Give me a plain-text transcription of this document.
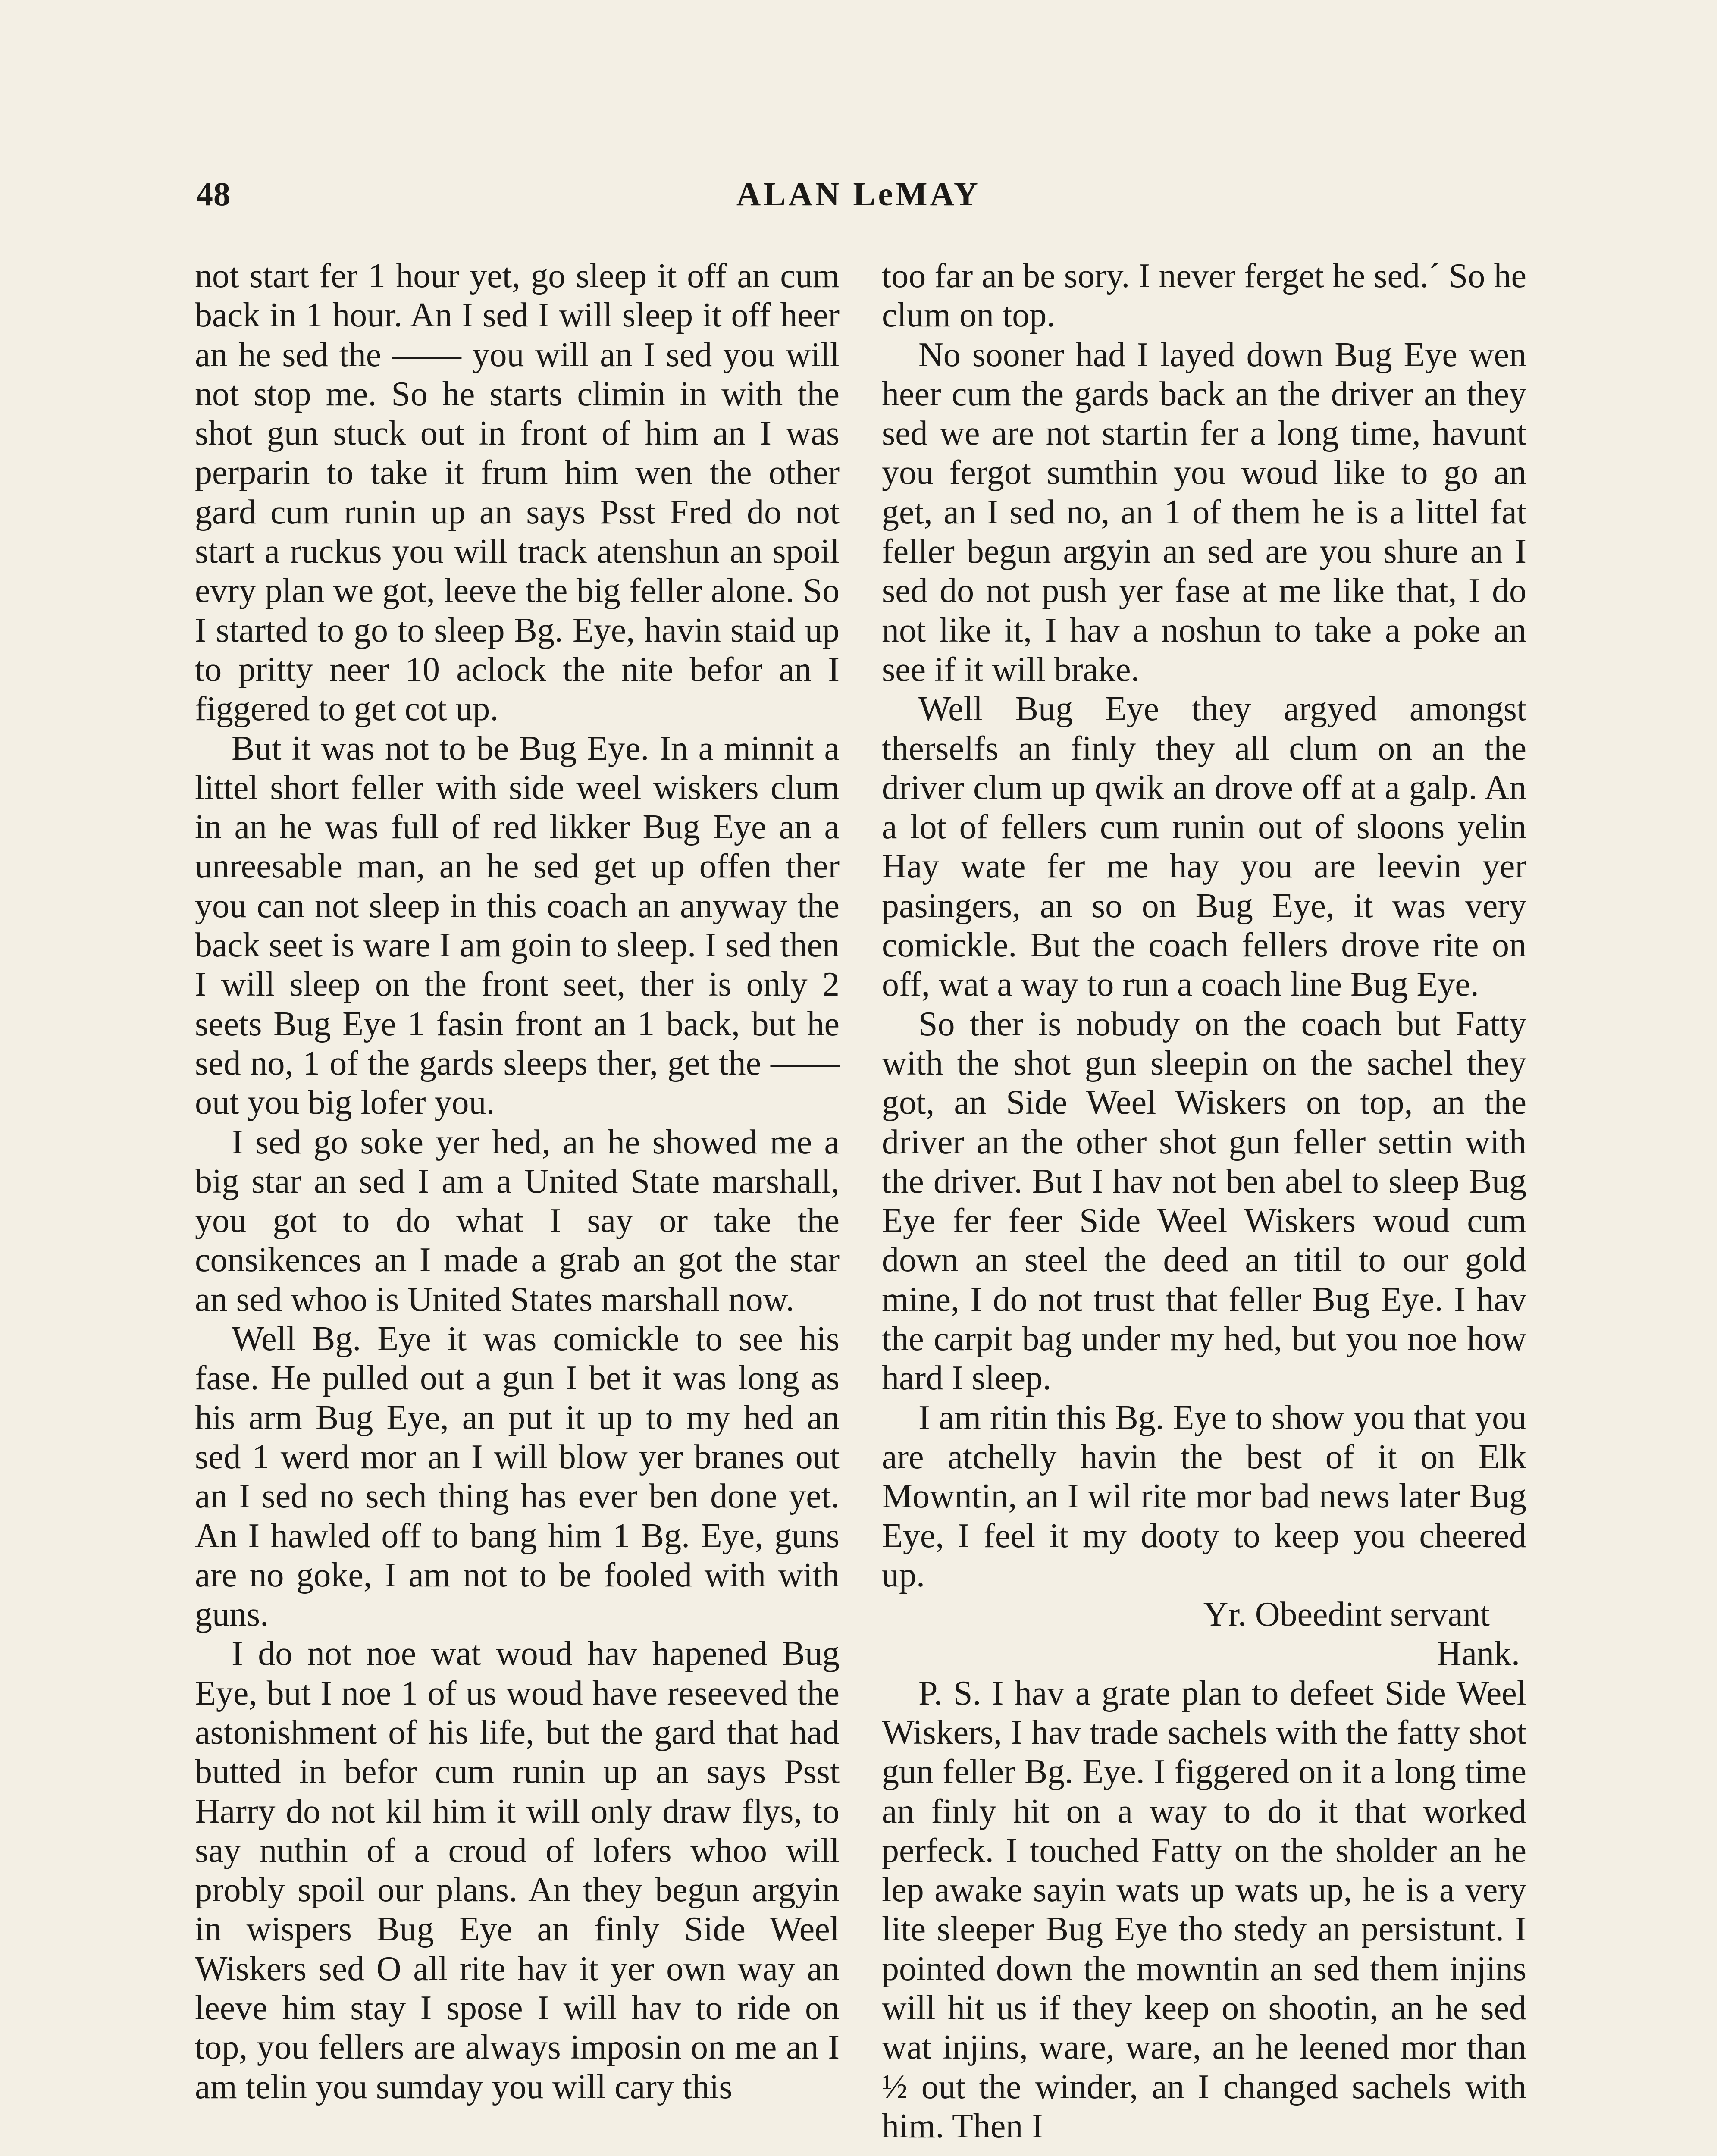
48	ALAN LeMAY

not start fer 1 hour yet, go sleep it off an cum back in 1 hour. An I sed I will sleep it off heer an he sed the —— you will an I sed you will not stop me. So he starts climin in with the shot gun stuck out in front of him an I was perparin to take it frum him wen the other gard cum runin up an says Psst Fred do not start a ruckus you will track atenshun an spoil evry plan we got, leeve the big feller alone. So I started to go to sleep Bg. Eye, havin staid up to pritty neer 10 aclock the nite befor an I figgered to get cot up.

But it was not to be Bug Eye. In a minnit a littel short feller with side weel wiskers clum in an he was full of red likker Bug Eye an a unreesable man, an he sed get up offen ther you can not sleep in this coach an anyway the back seet is ware I am goin to sleep. I sed then I will sleep on the front seet, ther is only 2 seets Bug Eye 1 fasin front an 1 back, but he sed no, 1 of the gards sleeps ther, get the —— out you big lofer you.

I sed go soke yer hed, an he showed me a big star an sed I am a United State marshall, you got to do what I say or take the consikences an I made a grab an got the star an sed whoo is United States marshall now.

Well Bg. Eye it was comickle to see his fase. He pulled out a gun I bet it was long as his arm Bug Eye, an put it up to my hed an sed 1 werd mor an I will blow yer branes out an I sed no sech thing has ever ben done yet. An I hawled off to bang him 1 Bg. Eye, guns are no goke, I am not to be fooled with with guns.

I do not noe wat woud hav hapened Bug Eye, but I noe 1 of us woud have reseeved the astonishment of his life, but the gard that had butted in befor cum runin up an says Psst Harry do not kil him it will only draw flys, to say nuthin of a croud of lofers whoo will probly spoil our plans. An they begun argyin in wispers Bug Eye an finly Side Weel Wiskers sed O all rite hav it yer own way an leeve him stay I spose I will hav to ride on top, you fellers are always imposin on me an I am telin you sumday you will cary this

too far an be sory. I never ferget he sed.´ So he clum on top.

No sooner had I layed down Bug Eye wen heer cum the gards back an the driver an they sed we are not startin fer a long time, havunt you fergot sumthin you woud like to go an get, an I sed no, an 1 of them he is a littel fat feller begun argyin an sed are you shure an I sed do not push yer fase at me like that, I do not like it, I hav a noshun to take a poke an see if it will brake.

Well Bug Eye they argyed amongst therselfs an finly they all clum on an the driver clum up qwik an drove off at a galp. An a lot of fellers cum runin out of sloons yelin Hay wate fer me hay you are leevin yer pasingers, an so on Bug Eye, it was very comickle. But the coach fellers drove rite on off, wat a way to run a coach line Bug Eye.

So ther is nobudy on the coach but Fatty with the shot gun sleepin on the sachel they got, an Side Weel Wiskers on top, an the driver an the other shot gun feller settin with the driver. But I hav not ben abel to sleep Bug Eye fer feer Side Weel Wiskers woud cum down an steel the deed an titil to our gold mine, I do not trust that feller Bug Eye. I hav the carpit bag under my hed, but you noe how hard I sleep.

I am ritin this Bg. Eye to show you that you are atchelly havin the best of it on Elk Mowntin, an I wil rite mor bad news later Bug Eye, I feel it my dooty to keep you cheered up.

Yr. Obeedint servant
Hank.

P. S. I hav a grate plan to defeet Side Weel Wiskers, I hav trade sachels with the fatty shot gun feller Bg. Eye. I figgered on it a long time an finly hit on a way to do it that worked perfeck. I touched Fatty on the sholder an he lep awake sayin wats up wats up, he is a very lite sleeper Bug Eye tho stedy an persistunt. I pointed down the mowntin an sed them injins will hit us if they keep on shootin, an he sed wat injins, ware, ware, an he leened mor than ½ out the winder, an I changed sachels with him. Then I
